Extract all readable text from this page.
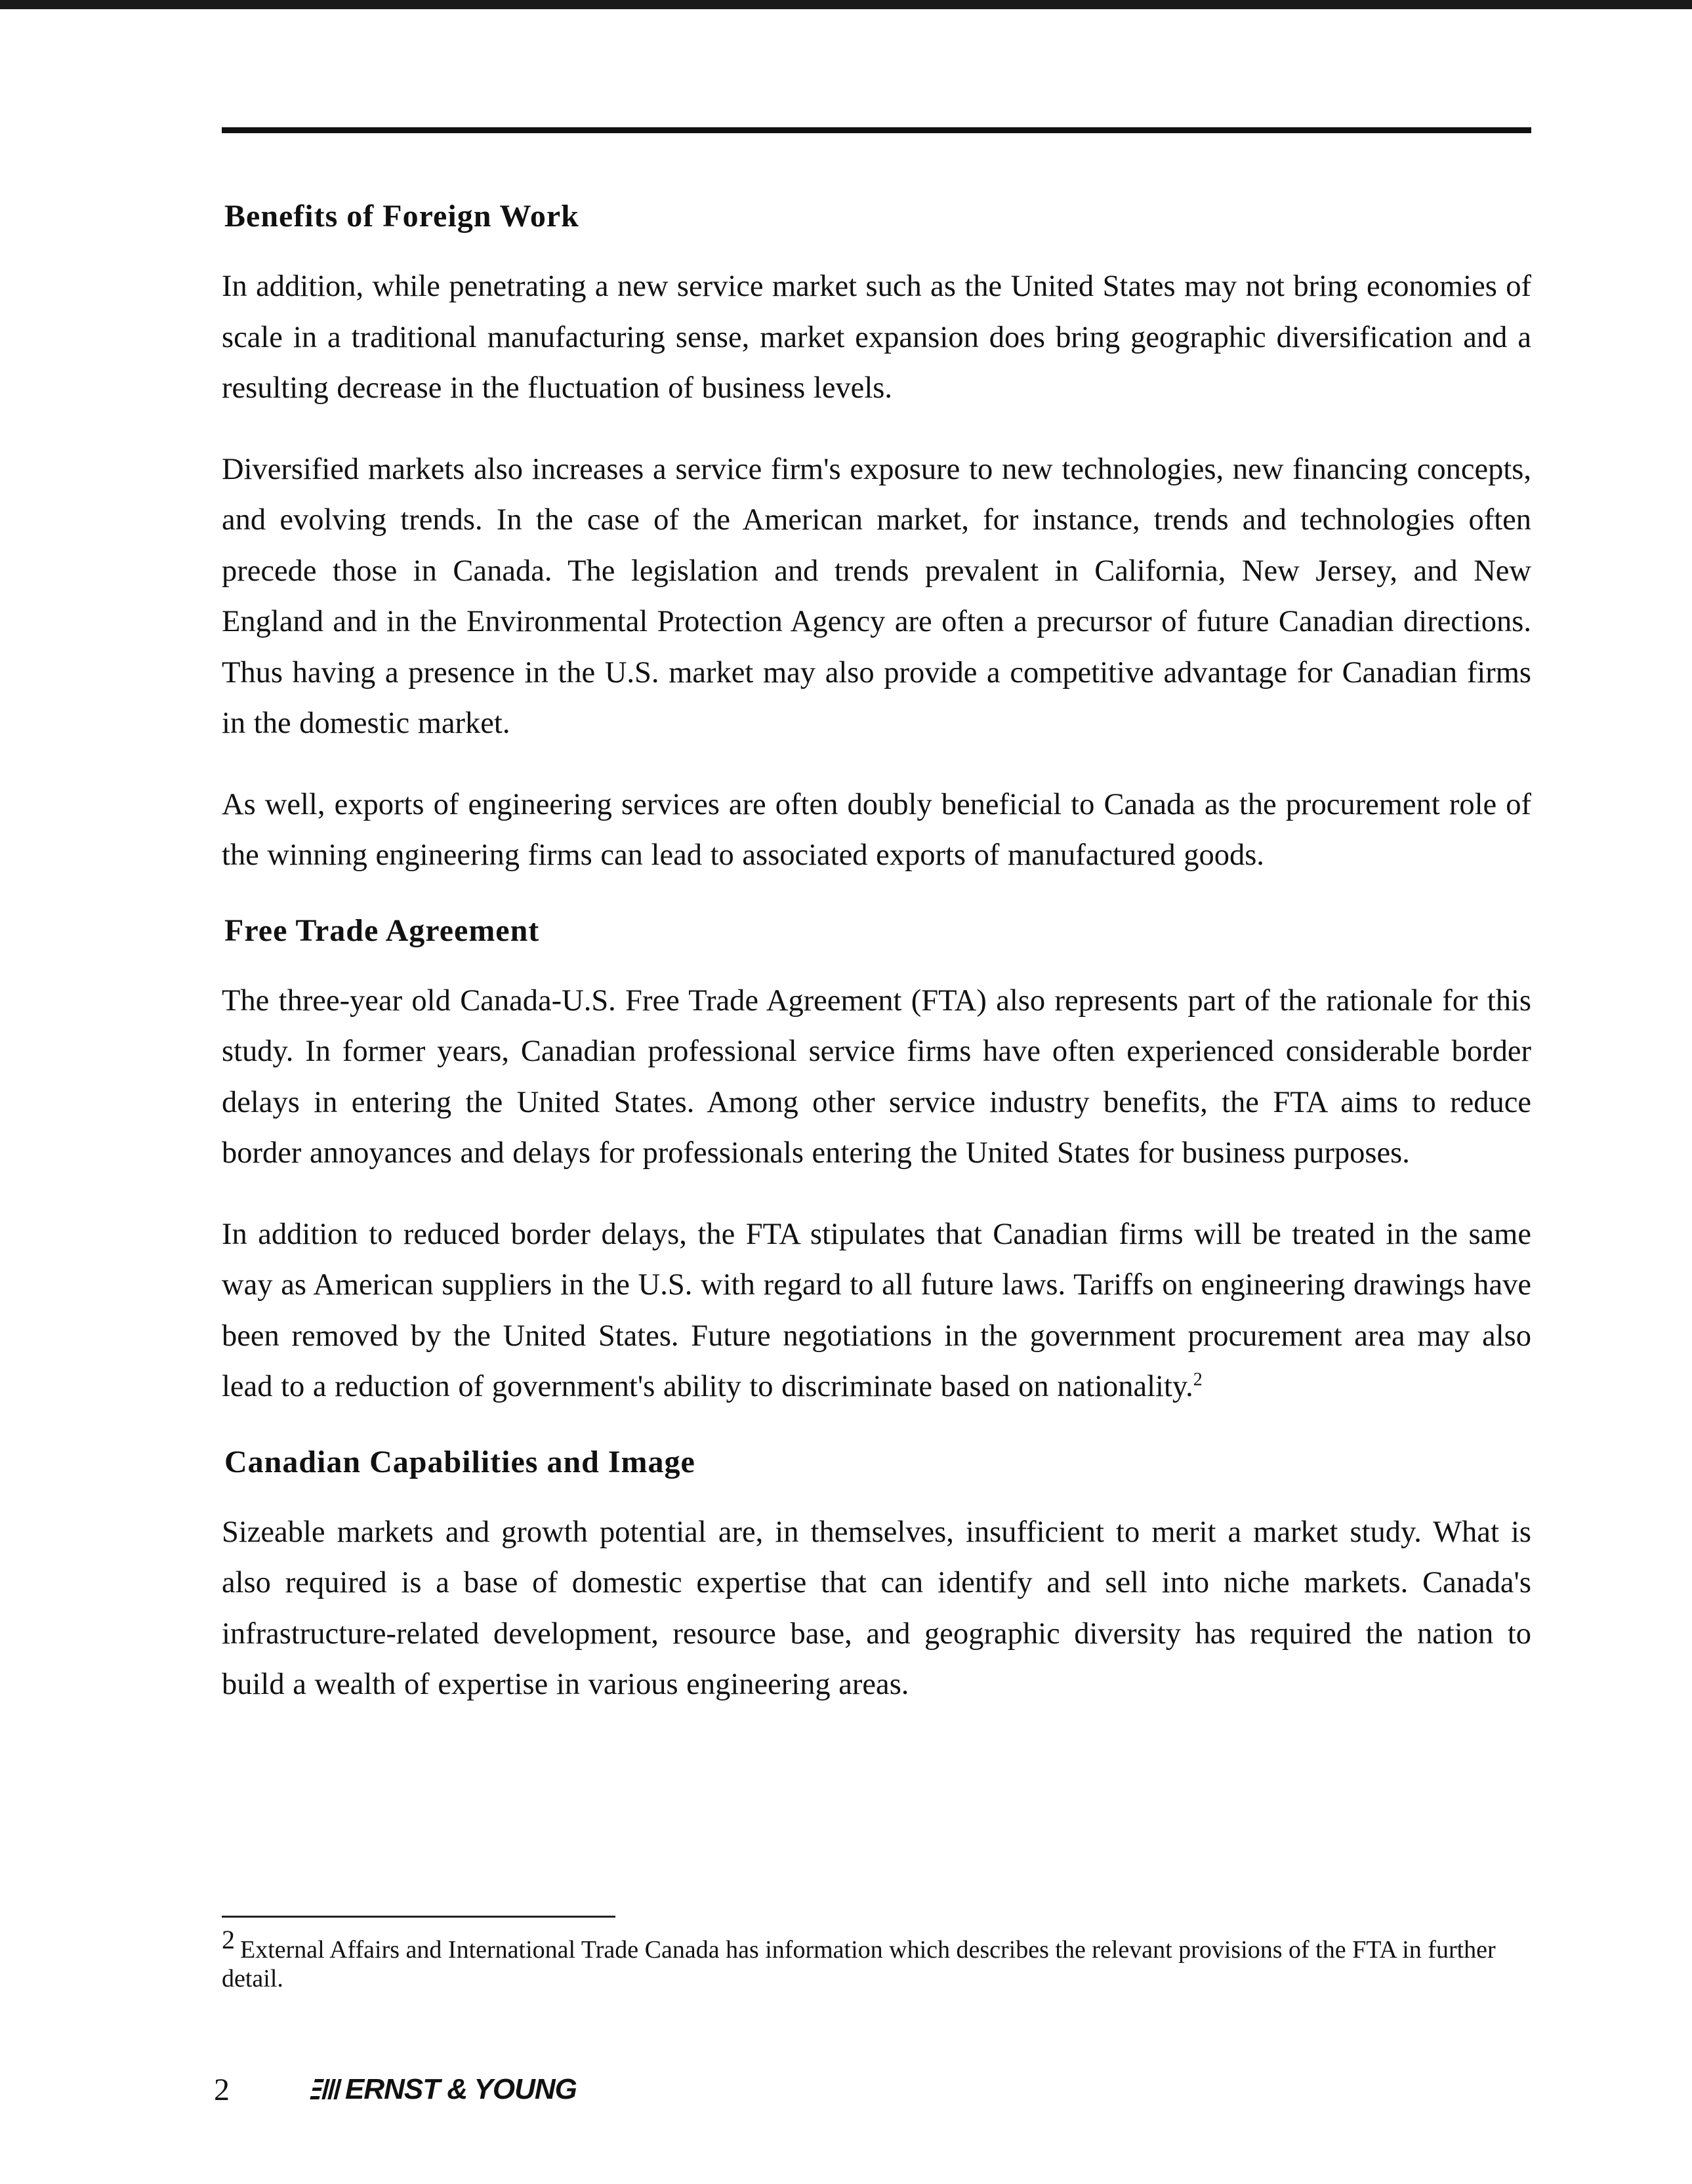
Benefits of Foreign Work

In addition, while penetrating a new service market such as the United States may not bring economies of scale in a traditional manufacturing sense, market expansion does bring geographic diversification and a resulting decrease in the fluctuation of business levels.

Diversified markets also increases a service firm's exposure to new technologies, new financing concepts, and evolving trends. In the case of the American market, for instance, trends and technologies often precede those in Canada. The legislation and trends prevalent in California, New Jersey, and New England and in the Environmental Protection Agency are often a precursor of future Canadian directions. Thus having a presence in the U.S. market may also provide a competitive advantage for Canadian firms in the domestic market.

As well, exports of engineering services are often doubly beneficial to Canada as the procurement role of the winning engineering firms can lead to associated exports of manufactured goods.

Free Trade Agreement

The three-year old Canada-U.S. Free Trade Agreement (FTA) also represents part of the rationale for this study. In former years, Canadian professional service firms have often experienced considerable border delays in entering the United States. Among other service industry benefits, the FTA aims to reduce border annoyances and delays for professionals entering the United States for business purposes.

In addition to reduced border delays, the FTA stipulates that Canadian firms will be treated in the same way as American suppliers in the U.S. with regard to all future laws. Tariffs on engineering drawings have been removed by the United States. Future negotiations in the government procurement area may also lead to a reduction of government's ability to discriminate based on nationality.$^2$

Canadian Capabilities and Image

Sizeable markets and growth potential are, in themselves, insufficient to merit a market study. What is also required is a base of domestic expertise that can identify and sell into niche markets. Canada's infrastructure-related development, resource base, and geographic diversity has required the nation to build a wealth of expertise in various engineering areas.

2 External Affairs and International Trade Canada has information which describes the relevant provisions of the FTA in further detail.
2	ERNST & YOUNG
